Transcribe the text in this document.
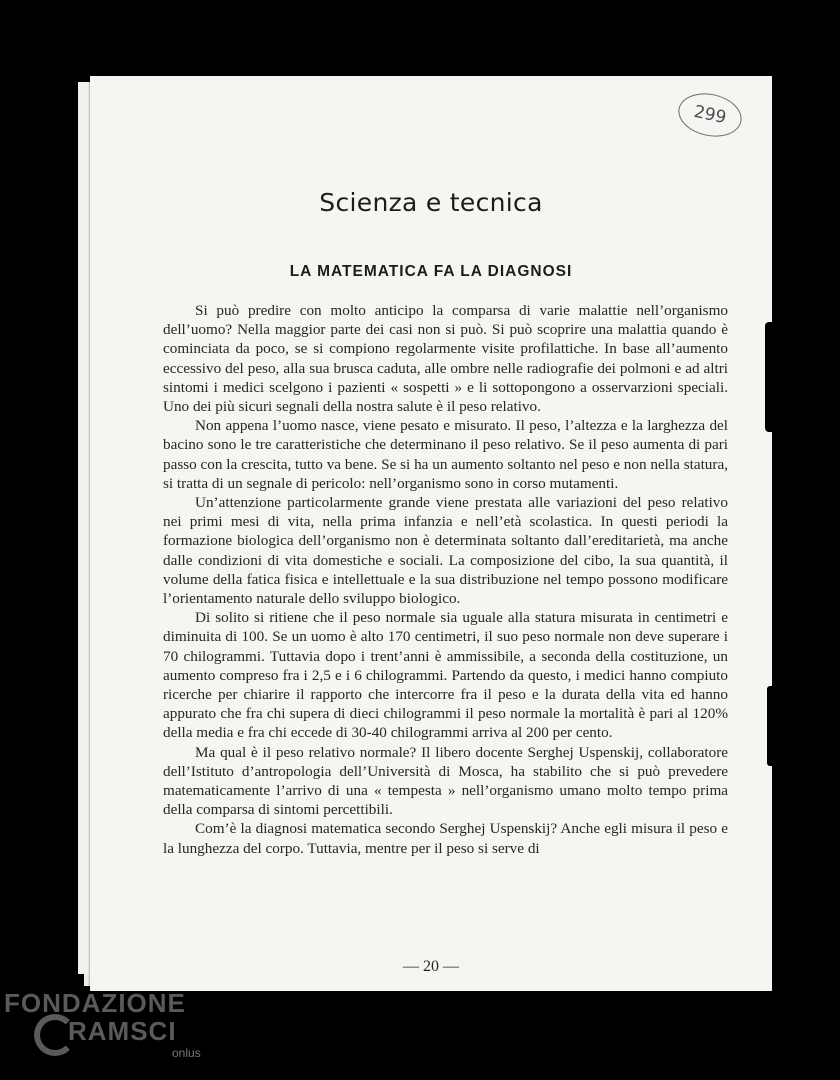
299
Scienza e tecnica
LA MATEMATICA FA LA DIAGNOSI

Si può predire con molto anticipo la comparsa di varie malattie nell’organismo dell’uomo? Nella maggior parte dei casi non si può. Si può scoprire una malattia quando è cominciata da poco, se si compiono regolarmente visite profilattiche. In base all’aumento eccessivo del peso, alla sua brusca caduta, alle ombre nelle radiografie dei polmoni e ad altri sintomi i medici scelgono i pazienti « sospetti » e li sottopongono a osservarzioni speciali. Uno dei più sicuri segnali della nostra salute è il peso relativo.

Non appena l’uomo nasce, viene pesato e misurato. Il peso, l’altezza e la larghezza del bacino sono le tre caratteristiche che determinano il peso relativo. Se il peso aumenta di pari passo con la crescita, tutto va bene. Se si ha un aumento soltanto nel peso e non nella statura, si tratta di un segnale di pericolo: nell’organismo sono in corso mutamenti.

Un’attenzione particolarmente grande viene prestata alle variazioni del peso relativo nei primi mesi di vita, nella prima infanzia e nell’età scolastica. In questi periodi la formazione biologica dell’organismo non è determinata soltanto dall’ereditarietà, ma anche dalle condizioni di vita domestiche e sociali. La composizione del cibo, la sua quantità, il volume della fatica fisica e intellettuale e la sua distribuzione nel tempo possono modificare l’orientamento naturale dello sviluppo biologico.

Di solito si ritiene che il peso normale sia uguale alla statura misurata in centimetri e diminuita di 100. Se un uomo è alto 170 centimetri, il suo peso normale non deve superare i 70 chilogrammi. Tuttavia dopo i trent’anni è ammissibile, a seconda della costituzione, un aumento compreso fra i 2,5 e i 6 chilogrammi. Partendo da questo, i medici hanno compiuto ricerche per chiarire il rapporto che intercorre fra il peso e la durata della vita ed hanno appurato che fra chi supera di dieci chilogrammi il peso normale la mortalità è pari al 120% della media e fra chi eccede di 30-40 chilogrammi arriva al 200 per cento.

Ma qual è il peso relativo normale? Il libero docente Serghej Uspenskij, collaboratore dell’Istituto d’antropologia dell’Università di Mosca, ha stabilito che si può prevedere matematicamente l’arrivo di una « tempesta » nell’organismo umano molto tempo prima della comparsa di sintomi percettibili.

Com’è la diagnosi matematica secondo Serghej Uspenskij? Anche egli misura il peso e la lunghezza del corpo. Tuttavia, mentre per il peso si serve di

— 20 —
FONDAZIONE
RAMSCI
onlus
